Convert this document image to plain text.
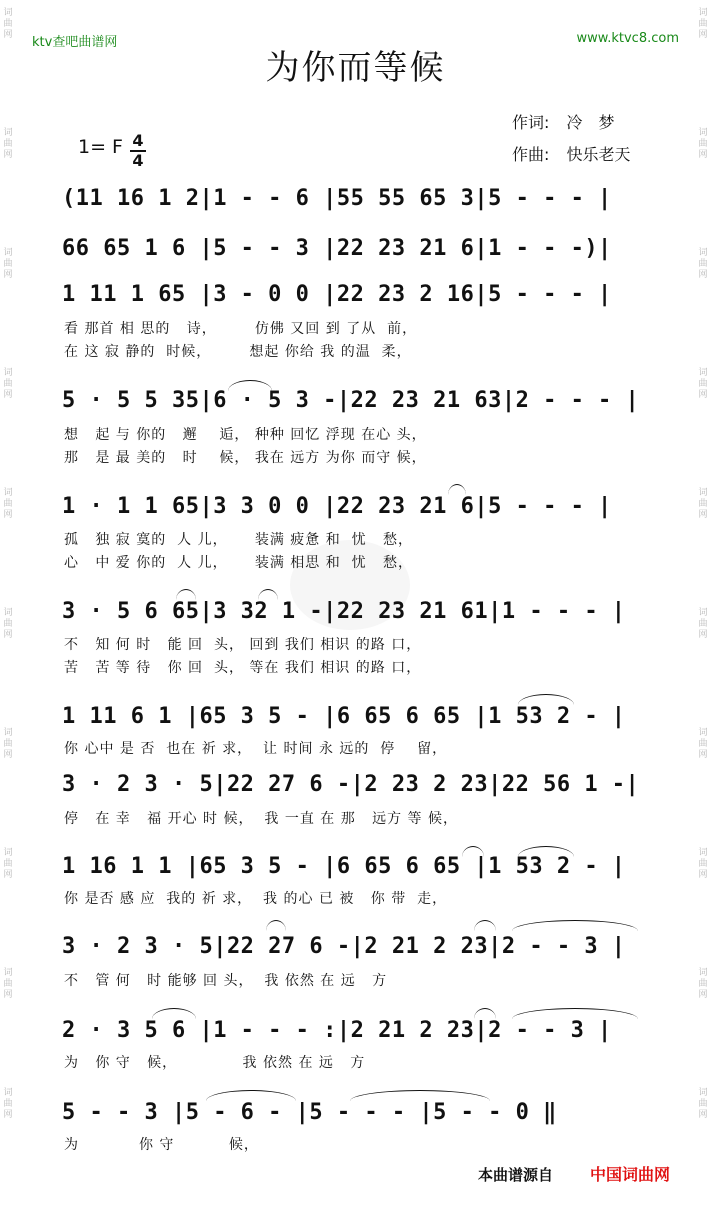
词曲网
词曲网
词曲网
词曲网
词曲网
词曲网
词曲网
词曲网
词曲网
词曲网
词曲网
词曲网
词曲网
词曲网
词曲网
词曲网
词曲网
词曲网
词曲网
词曲网
ktv查吧曲谱网	www.ktvc8.com
为你而等候
作词: 冷　梦
作曲: 快乐老天
1= F 4
4
(11 16 1 2|1 - - 6 |55 55 65 3|5 - - - |
66 65 1 6 |5 - - 3 |22 23 21 6|1 - - -)|
1 11 1 65 |3 - 0 0 |22 23 2 16|5 - - - |
看 那首 相 思的   诗，       仿佛 又回 到 了从  前，
在 这 寂 静的  时候，       想起 你给 我 的温  柔，
5 · 5 5 35|6 · 5 3 -|22 23 21 63|2 - - - |
想   起 与 你的   邂    逅， 种种 回忆 浮现 在心 头，
那   是 最 美的   时    候， 我在 远方 为你 而守 候，
1 · 1 1 65|3 3 0 0 |22 23 21 6|5 - - - |
孤   独 寂 寞的  人 儿，     装满 疲惫 和  忧   愁，
心   中 爱 你的  人 儿，     装满 相思 和  忧   愁，
3 · 5 6 65|3 32 1 -|22 23 21 61|1 - - - |
不   知 何 时   能 回  头， 回到 我们 相识 的路 口，
苦   苦 等 待   你 回  头， 等在 我们 相识 的路 口，
1 11 6 1 |65 3 5 - |6 65 6 65 |1 53 2 - |
你 心中 是 否  也在 祈 求，  让 时间 永 远的  停    留，
3 · 2 3 · 5|22 27 6 -|2 23 2 23|22 56 1 -|
停   在 幸   福 开心 时 候，  我 一直 在 那   远方 等 候，
1 16 1 1 |65 3 5 - |6 65 6 65 |1 53 2 - |
你 是否 感 应  我的 祈 求，  我 的心 已 被   你 带  走，
3 · 2 3 · 5|22 27 6 -|2 21 2 23|2 - - 3 |
不   管 何   时 能够 回 头，  我 依然 在 远   方
2 · 3 5 6 |1 - - - :|2 21 2 23|2 - - 3 |
为   你 守   候，            我 依然 在 远   方
5 - - 3 |5 - 6 - |5 - - - |5 - - 0 ‖
为           你 守          候，
本曲谱源自 中国词曲网
